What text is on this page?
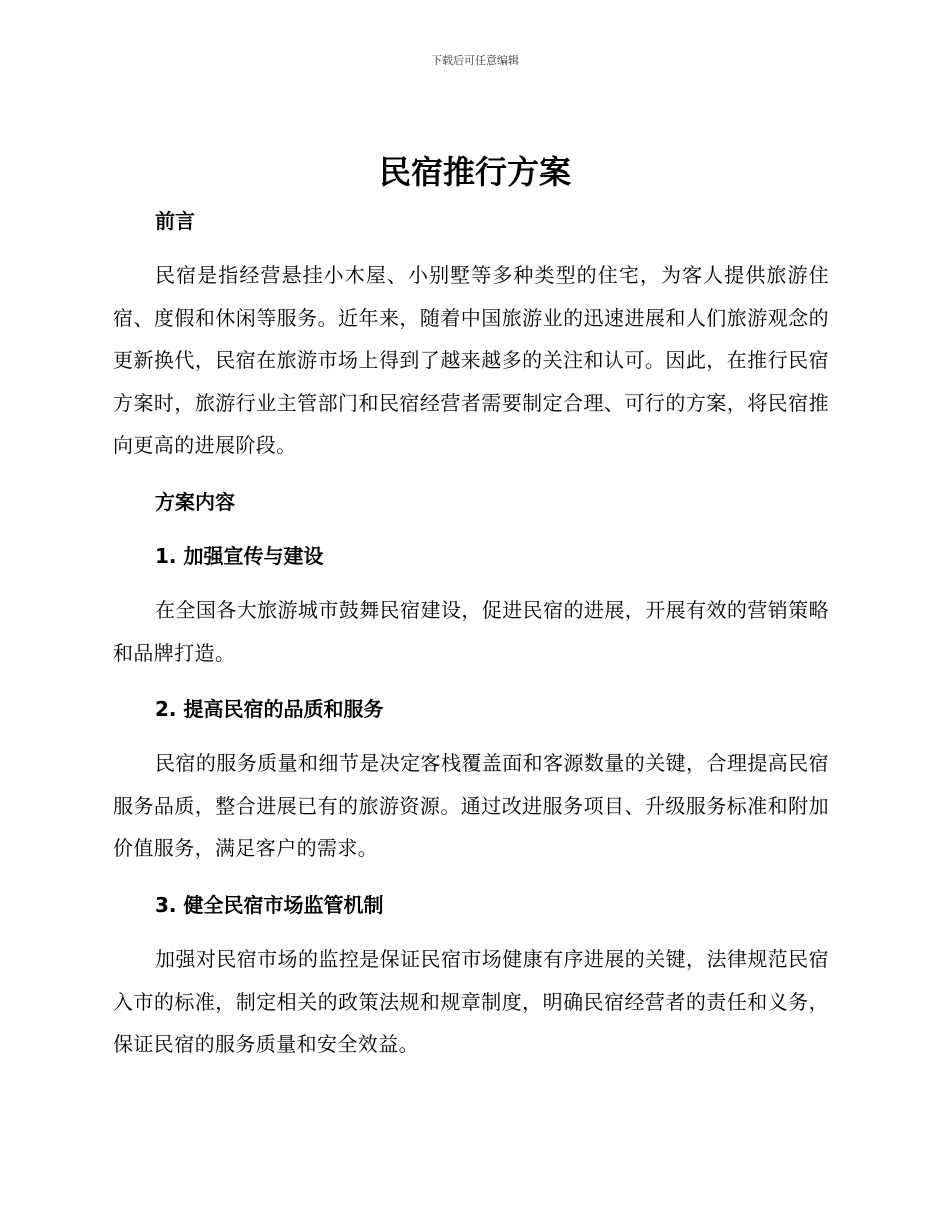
下载后可任意编辑
民宿推行方案
前言

民宿是指经营悬挂小木屋、小别墅等多种类型的住宅，为客人提供旅游住宿、度假和休闲等服务。近年来，随着中国旅游业的迅速进展和人们旅游观念的更新换代，民宿在旅游市场上得到了越来越多的关注和认可。因此，在推行民宿方案时，旅游行业主管部门和民宿经营者需要制定合理、可行的方案，将民宿推向更高的进展阶段。

方案内容
1. 加强宣传与建设

在全国各大旅游城市鼓舞民宿建设，促进民宿的进展，开展有效的营销策略和品牌打造。

2. 提高民宿的品质和服务

民宿的服务质量和细节是决定客栈覆盖面和客源数量的关键，合理提高民宿服务品质，整合进展已有的旅游资源。通过改进服务项目、升级服务标准和附加价值服务，满足客户的需求。

3. 健全民宿市场监管机制

加强对民宿市场的监控是保证民宿市场健康有序进展的关键，法律规范民宿入市的标准，制定相关的政策法规和规章制度，明确民宿经营者的责任和义务，保证民宿的服务质量和安全效益。
